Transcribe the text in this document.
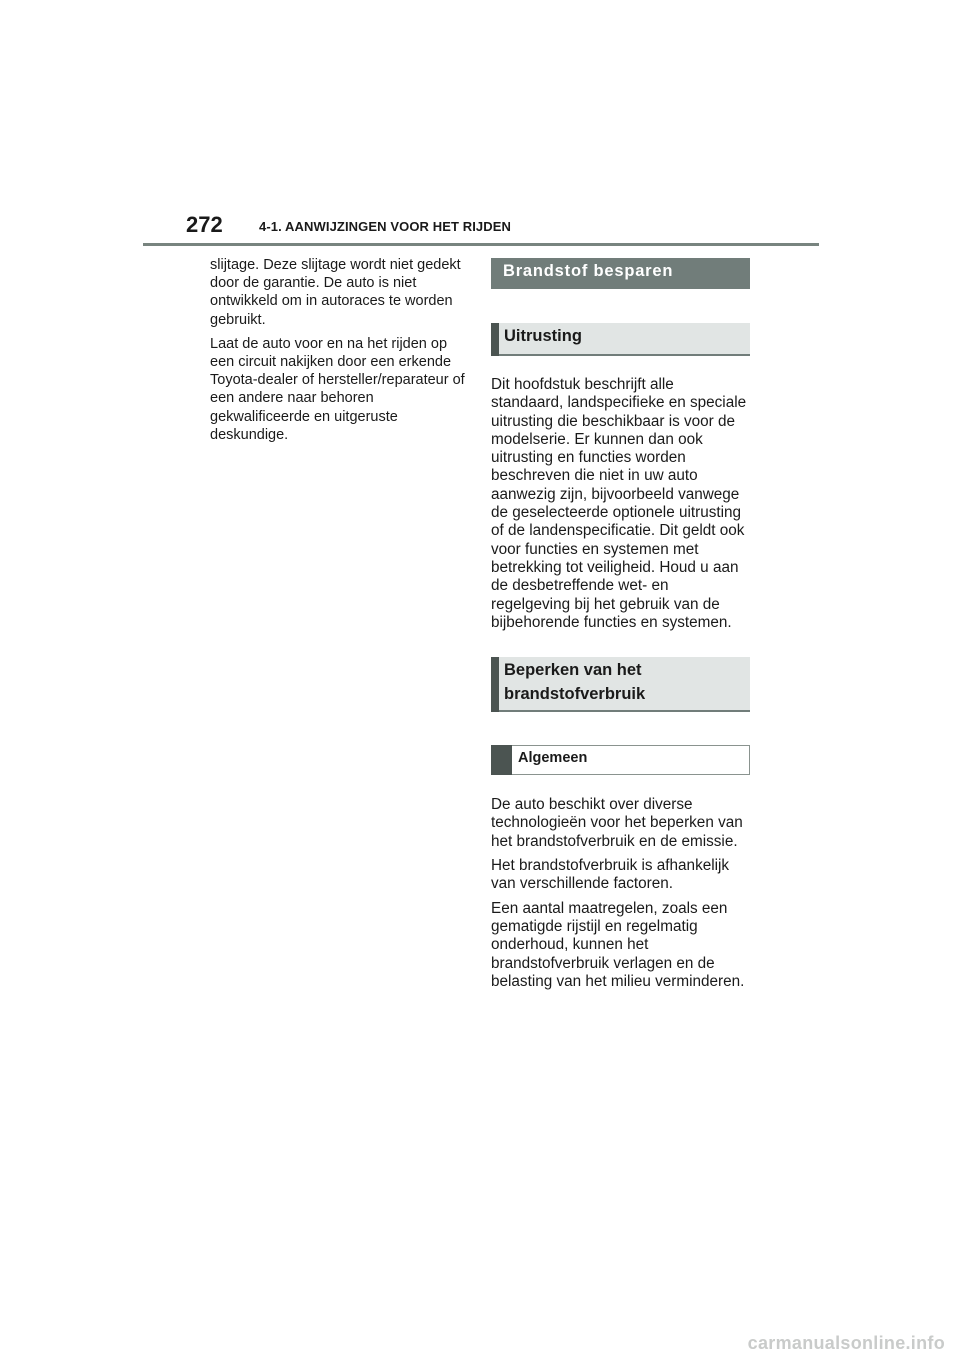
272	4-1. AANWIJZINGEN VOOR HET RIJDEN

slijtage. Deze slijtage wordt niet gedekt door de garantie. De auto is niet ontwikkeld om in autoraces te worden gebruikt.

Laat de auto voor en na het rijden op een circuit nakijken door een erkende Toyota-dealer of hersteller/reparateur of een andere naar behoren gekwalificeerde en uitgeruste deskundige.

Brandstof besparen
Uitrusting

Dit hoofdstuk beschrijft alle standaard, landspecifieke en speciale uitrusting die beschikbaar is voor de modelserie. Er kunnen dan ook uitrusting en functies worden beschreven die niet in uw auto aanwezig zijn, bijvoorbeeld vanwege de geselecteerde optionele uitrusting of de landenspecificatie. Dit geldt ook voor functies en systemen met betrekking tot veiligheid. Houd u aan de desbetreffende wet- en regelgeving bij het gebruik van de bijbehorende functies en systemen.

Beperken van het
brandstofverbruik
Algemeen

De auto beschikt over diverse technologieën voor het beperken van het brandstofverbruik en de emissie.

Het brandstofverbruik is afhankelijk van verschillende factoren.

Een aantal maatregelen, zoals een gematigde rijstijl en regelmatig onderhoud, kunnen het brandstofverbruik verlagen en de belasting van het milieu verminderen.

carmanualsonline.info
